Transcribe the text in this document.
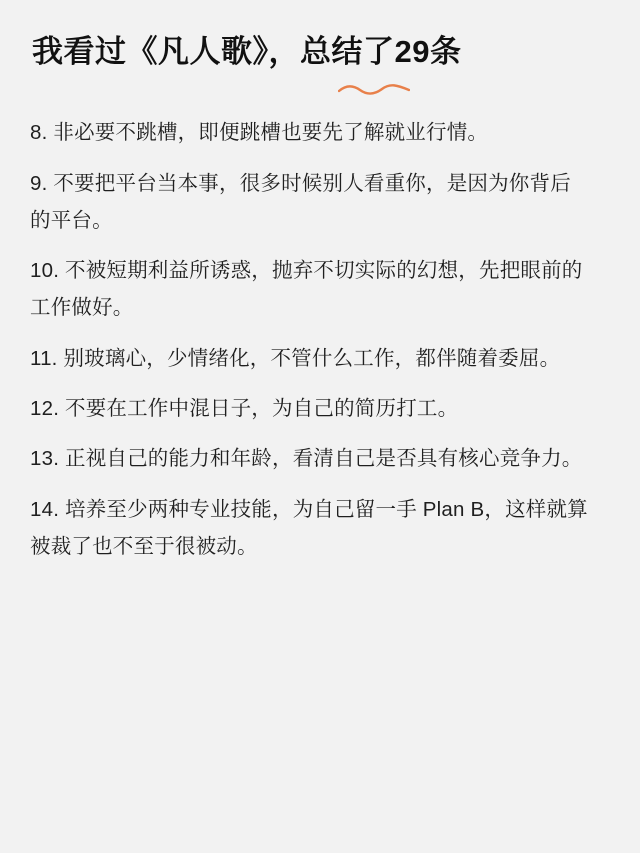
我看过《凡人歌》，总结了29条

8. 非必要不跳槽，即便跳槽也要先了解就业行情。

9. 不要把平台当本事，很多时候别人看重你，是因为你背后的平台。

10. 不被短期利益所诱惑，抛弃不切实际的幻想，先把眼前的工作做好。

11. 别玻璃心，少情绪化，不管什么工作，都伴随着委屈。

12. 不要在工作中混日子，为自己的简历打工。

13. 正视自己的能力和年龄，看清自己是否具有核心竞争力。

14. 培养至少两种专业技能，为自己留一手 Plan B，这样就算被裁了也不至于很被动。
